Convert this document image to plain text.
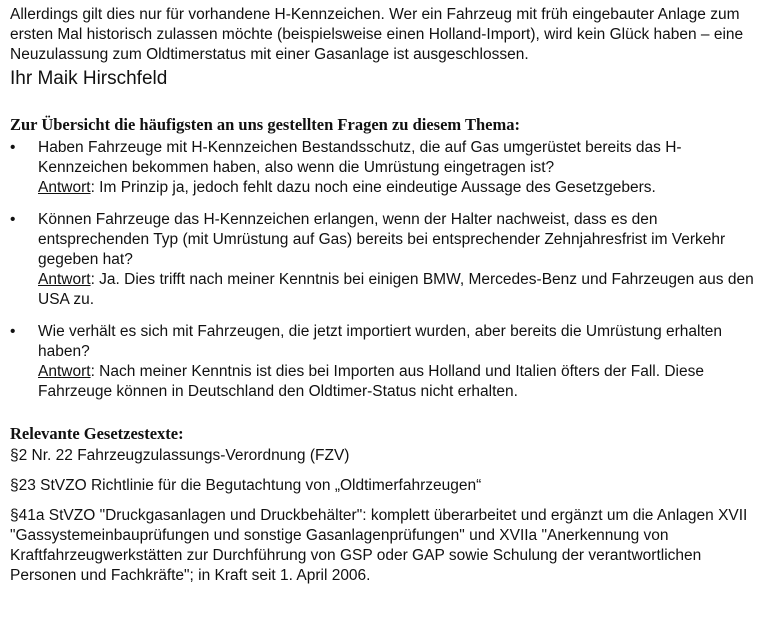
Allerdings gilt dies nur für vorhandene H-Kennzeichen. Wer ein Fahrzeug mit früh eingebauter Anlage zum ersten Mal historisch zulassen möchte (beispielsweise einen Holland-Import), wird kein Glück haben – eine Neuzulassung zum Oldtimerstatus mit einer Gasanlage ist ausgeschlossen.

Ihr Maik Hirschfeld

Zur Übersicht die häufigsten an uns gestellten Fragen zu diesem Thema:

• Haben Fahrzeuge mit H-Kennzeichen Bestandsschutz, die auf Gas umgerüstet bereits das H-Kennzeichen bekommen haben, also wenn die Umrüstung eingetragen ist?
Antwort: Im Prinzip ja, jedoch fehlt dazu noch eine eindeutige Aussage des Gesetzgebers.
• Können Fahrzeuge das H-Kennzeichen erlangen, wenn der Halter nachweist, dass es den entsprechenden Typ (mit Umrüstung auf Gas) bereits bei entsprechender Zehnjahresfrist im Verkehr gegeben hat?
Antwort: Ja. Dies trifft nach meiner Kenntnis bei einigen BMW, Mercedes-Benz und Fahrzeugen aus den USA zu.
• Wie verhält es sich mit Fahrzeugen, die jetzt importiert wurden, aber bereits die Umrüstung erhalten haben?
Antwort: Nach meiner Kenntnis ist dies bei Importen aus Holland und Italien öfters der Fall. Diese Fahrzeuge können in Deutschland den Oldtimer-Status nicht erhalten.

Relevante Gesetzestexte:

§2 Nr. 22 Fahrzeugzulassungs-Verordnung (FZV)

§23 StVZO Richtlinie für die Begutachtung von „Oldtimerfahrzeugen“

§41a StVZO "Druckgasanlagen und Druckbehälter": komplett überarbeitet und ergänzt um die Anlagen XVII "Gassystemeinbauprüfungen und sonstige Gasanlagenprüfungen" und XVIIa "Anerkennung von Kraftfahrzeugwerkstätten zur Durchführung von GSP oder GAP sowie Schulung der verantwortlichen Personen und Fachkräfte"; in Kraft seit 1. April 2006.
